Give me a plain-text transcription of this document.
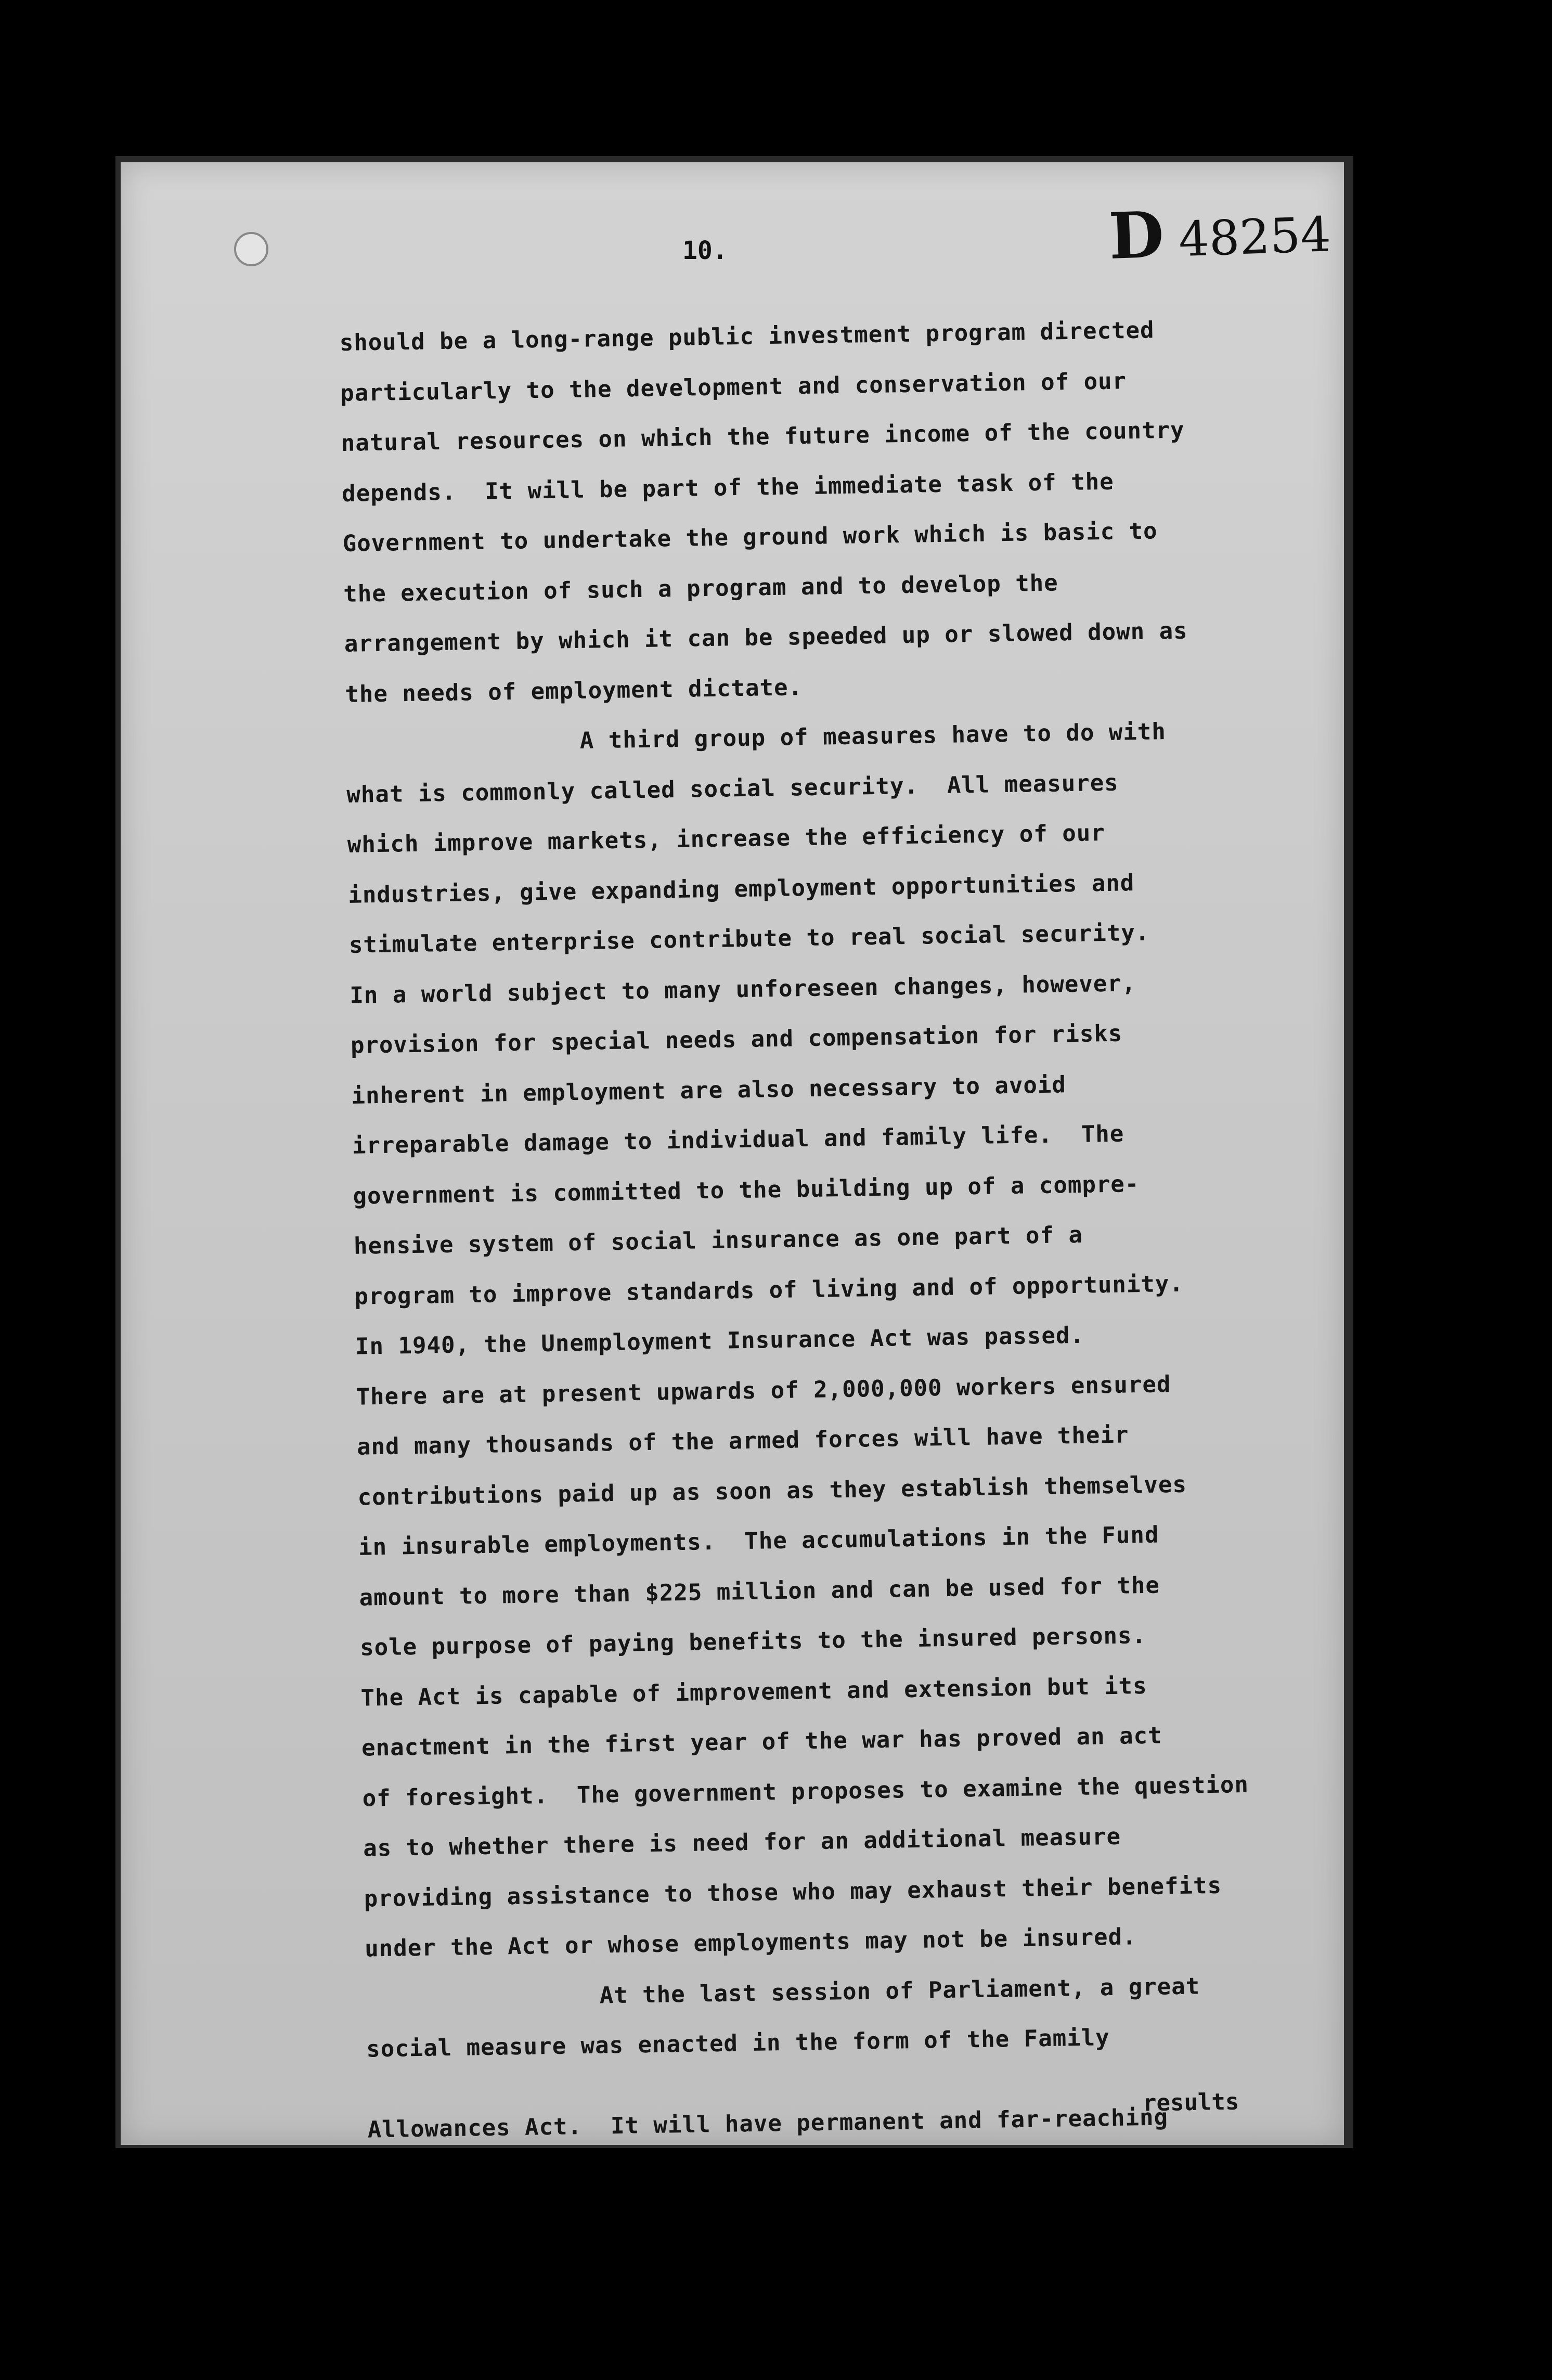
10.	D 48254
should be a long-range public investment program directed
particularly to the development and conservation of our
natural resources on which the future income of the country
depends.  It will be part of the immediate task of the
Government to undertake the ground work which is basic to
the execution of such a program and to develop the
arrangement by which it can be speeded up or slowed down as
the needs of employment dictate.
A third group of measures have to do with
what is commonly called social security.  All measures
which improve markets, increase the efficiency of our
industries, give expanding employment opportunities and
stimulate enterprise contribute to real social security.
In a world subject to many unforeseen changes, however,
provision for special needs and compensation for risks
inherent in employment are also necessary to avoid
irreparable damage to individual and family life.  The
government is committed to the building up of a compre-
hensive system of social insurance as one part of a
program to improve standards of living and of opportunity.
In 1940, the Unemployment Insurance Act was passed.
There are at present upwards of 2,000,000 workers ensured
and many thousands of the armed forces will have their
contributions paid up as soon as they establish themselves
in insurable employments.  The accumulations in the Fund
amount to more than $225 million and can be used for the
sole purpose of paying benefits to the insured persons.
The Act is capable of improvement and extension but its
enactment in the first year of the war has proved an act
of foresight.  The government proposes to examine the question
as to whether there is need for an additional measure
providing assistance to those who may exhaust their benefits
under the Act or whose employments may not be insured.
At the last session of Parliament, a great
social measure was enacted in the form of the Family
Allowances Act.  It will have permanent and far-reaching
results
